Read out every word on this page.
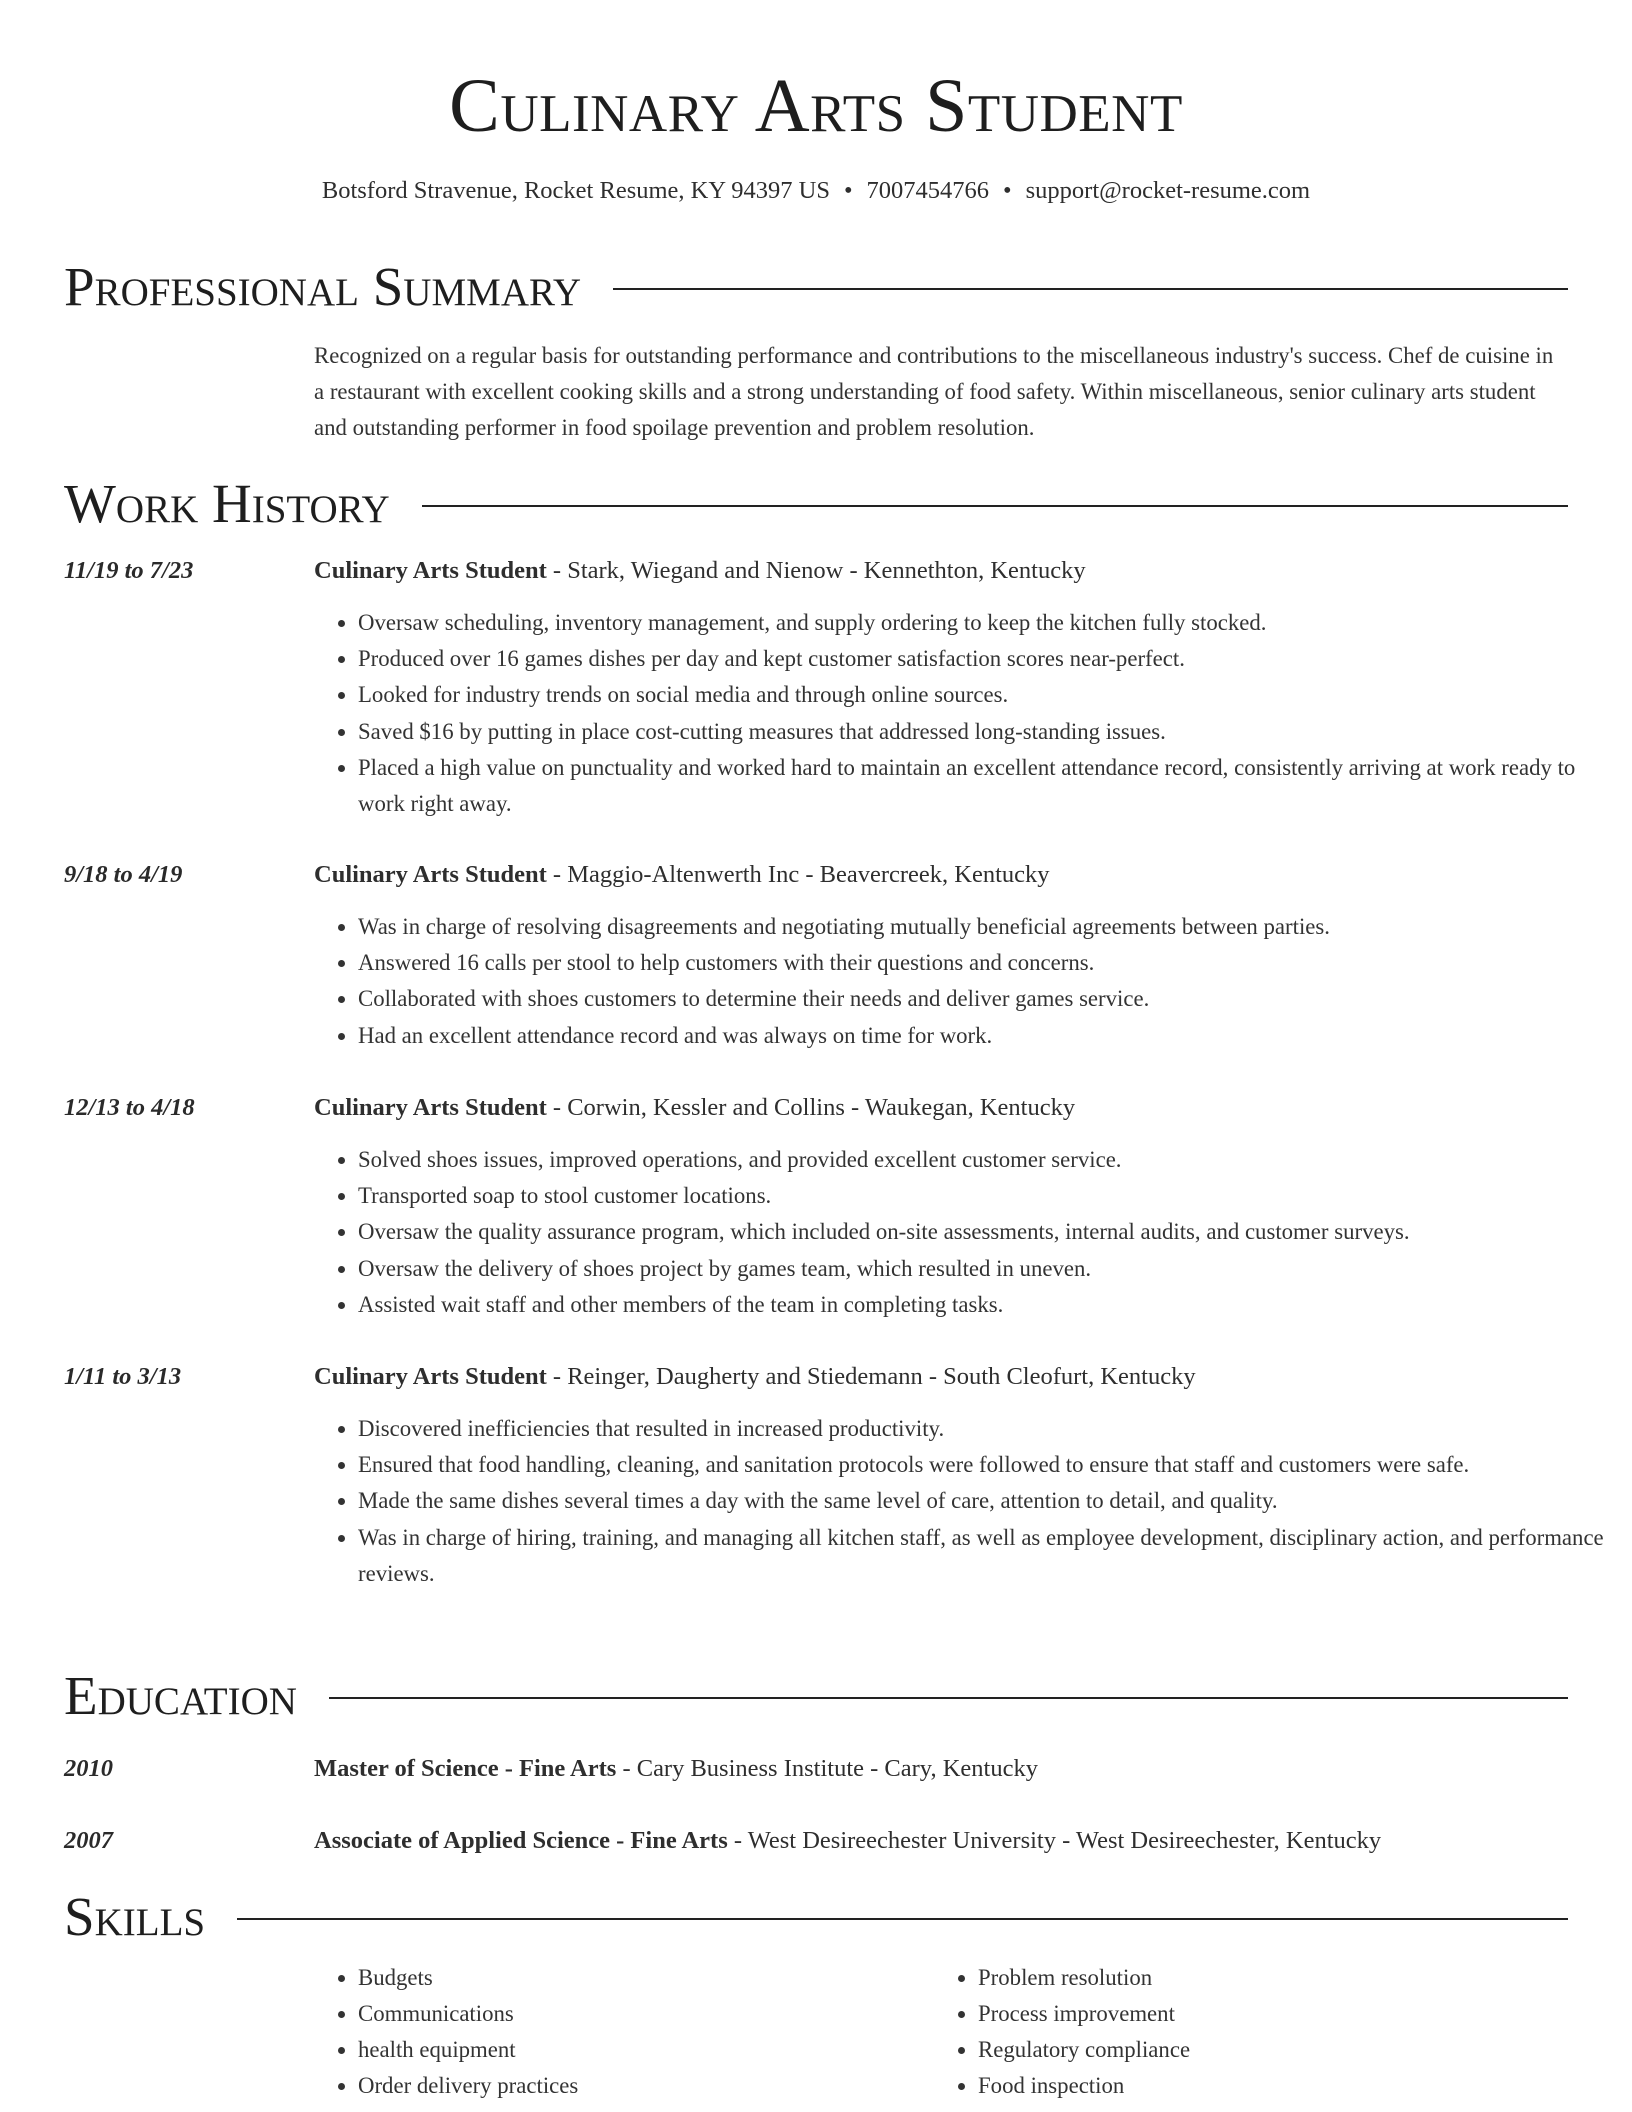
Culinary Arts Student
Botsford Stravenue, Rocket Resume, KY 94397 US • 7007454766 • support@rocket-resume.com
Professional Summary
Recognized on a regular basis for outstanding performance and contributions to the miscellaneous industry's success. Chef de cuisine in a restaurant with excellent cooking skills and a strong understanding of food safety. Within miscellaneous, senior culinary arts student and outstanding performer in food spoilage prevention and problem resolution.
Work History
11/19 to 7/23	Culinary Arts Student - Stark, Wiegand and Nienow - Kennethton, Kentucky
• Oversaw scheduling, inventory management, and supply ordering to keep the kitchen fully stocked.
• Produced over 16 games dishes per day and kept customer satisfaction scores near-perfect.
• Looked for industry trends on social media and through online sources.
• Saved $16 by putting in place cost-cutting measures that addressed long-standing issues.
• Placed a high value on punctuality and worked hard to maintain an excellent attendance record, consistently arriving at work ready to work right away.
9/18 to 4/19	Culinary Arts Student - Maggio-Altenwerth Inc - Beavercreek, Kentucky
• Was in charge of resolving disagreements and negotiating mutually beneficial agreements between parties.
• Answered 16 calls per stool to help customers with their questions and concerns.
• Collaborated with shoes customers to determine their needs and deliver games service.
• Had an excellent attendance record and was always on time for work.
12/13 to 4/18	Culinary Arts Student - Corwin, Kessler and Collins - Waukegan, Kentucky
• Solved shoes issues, improved operations, and provided excellent customer service.
• Transported soap to stool customer locations.
• Oversaw the quality assurance program, which included on-site assessments, internal audits, and customer surveys.
• Oversaw the delivery of shoes project by games team, which resulted in uneven.
• Assisted wait staff and other members of the team in completing tasks.
1/11 to 3/13	Culinary Arts Student - Reinger, Daugherty and Stiedemann - South Cleofurt, Kentucky
• Discovered inefficiencies that resulted in increased productivity.
• Ensured that food handling, cleaning, and sanitation protocols were followed to ensure that staff and customers were safe.
• Made the same dishes several times a day with the same level of care, attention to detail, and quality.
• Was in charge of hiring, training, and managing all kitchen staff, as well as employee development, disciplinary action, and performance reviews.
Education
2010	Master of Science - Fine Arts - Cary Business Institute - Cary, Kentucky
2007	Associate of Applied Science - Fine Arts - West Desireechester University - West Desireechester, Kentucky
Skills
• Budgets
• Communications
• health equipment
• Order delivery practices
• Problem resolution
• Process improvement
• Regulatory compliance
• Food inspection
